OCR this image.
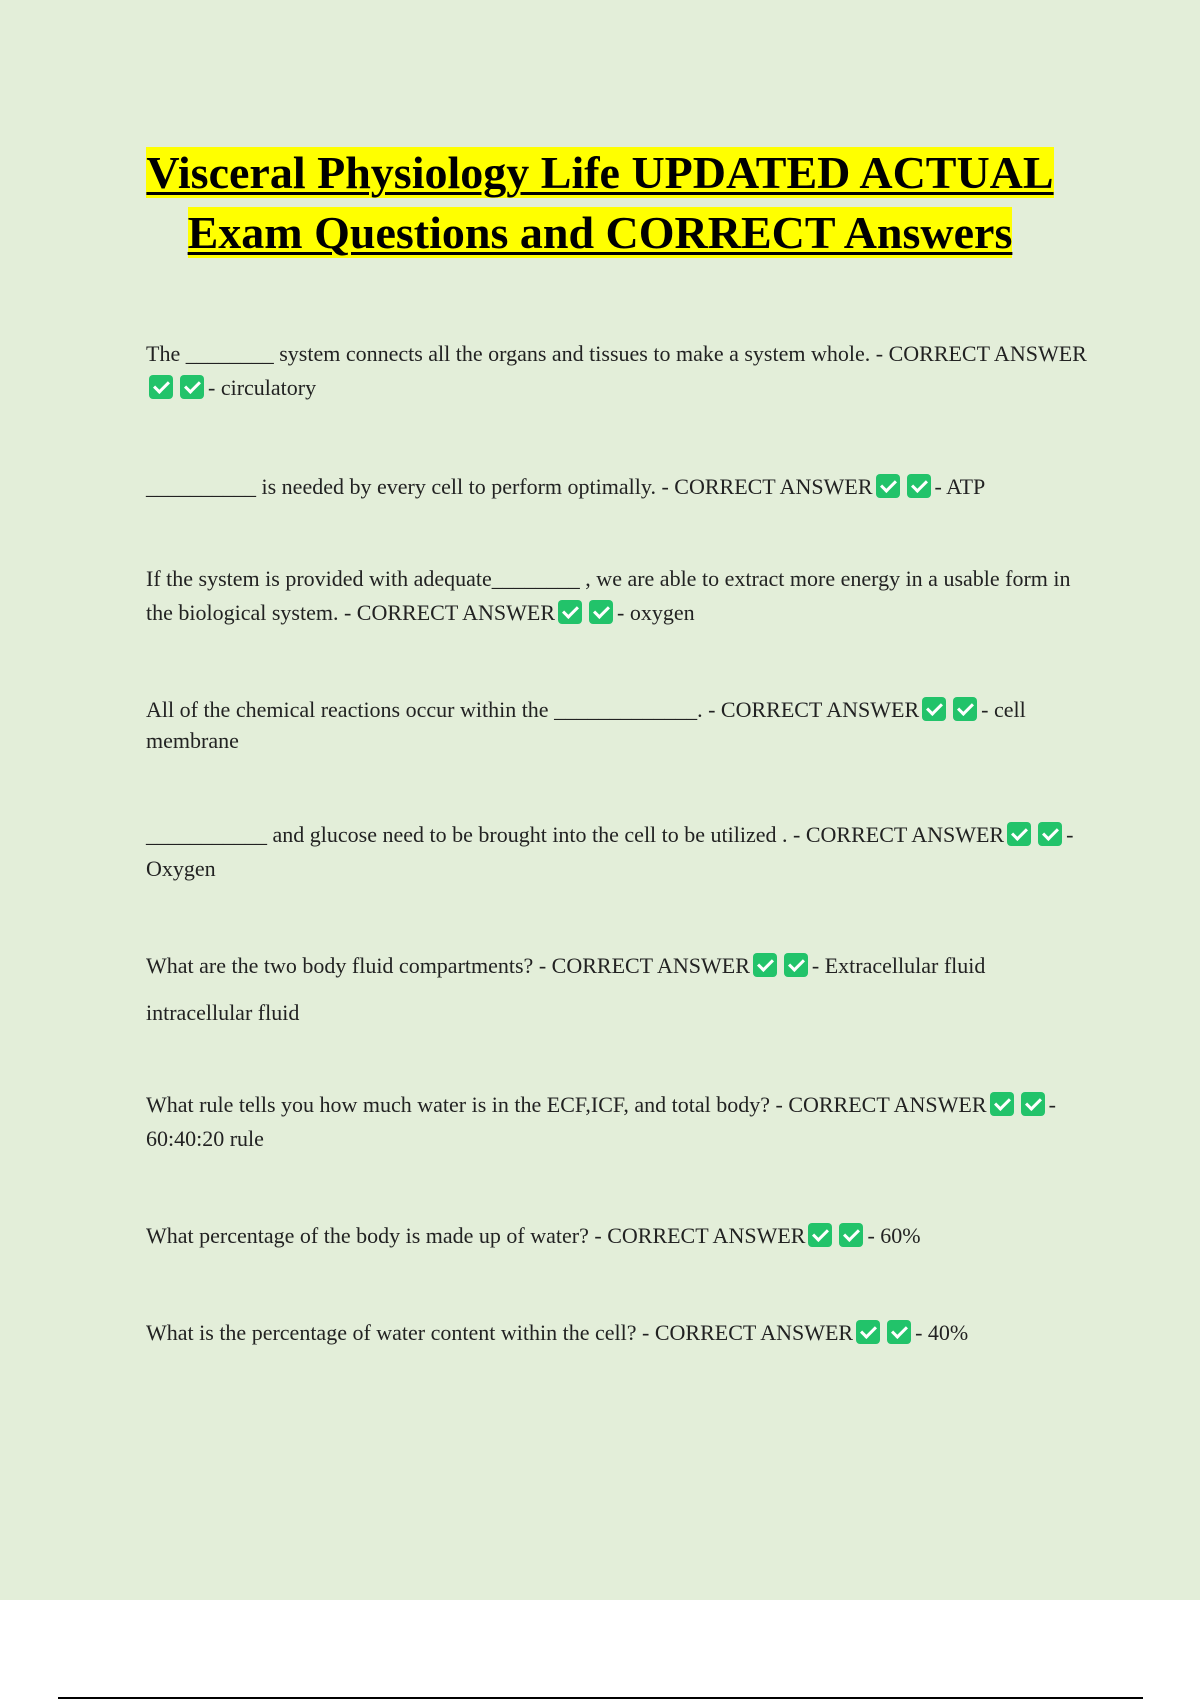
Visceral Physiology Life UPDATED ACTUAL Exam Questions and CORRECT Answers

The ________ system connects all the organs and tissues to make a system whole. - CORRECT ANSWER- circulatory

__________ is needed by every cell to perform optimally. - CORRECT ANSWER	- ATP

If the system is provided with adequate________ , we are able to extract more energy in a usable form in the biological system. - CORRECT ANSWER	- oxygen

All of the chemical reactions occur within the _____________. - CORRECT ANSWER	- cell membrane

___________ and glucose need to be brought into the cell to be utilized . - CORRECT ANSWER	- Oxygen

What are the two body fluid compartments? - CORRECT ANSWER	- Extracellular fluid intracellular fluid

What rule tells you how much water is in the ECF,ICF, and total body? - CORRECT ANSWER	- 60:40:20 rule

What percentage of the body is made up of water? - CORRECT ANSWER	- 60%

What is the percentage of water content within the cell? - CORRECT ANSWER	- 40%
